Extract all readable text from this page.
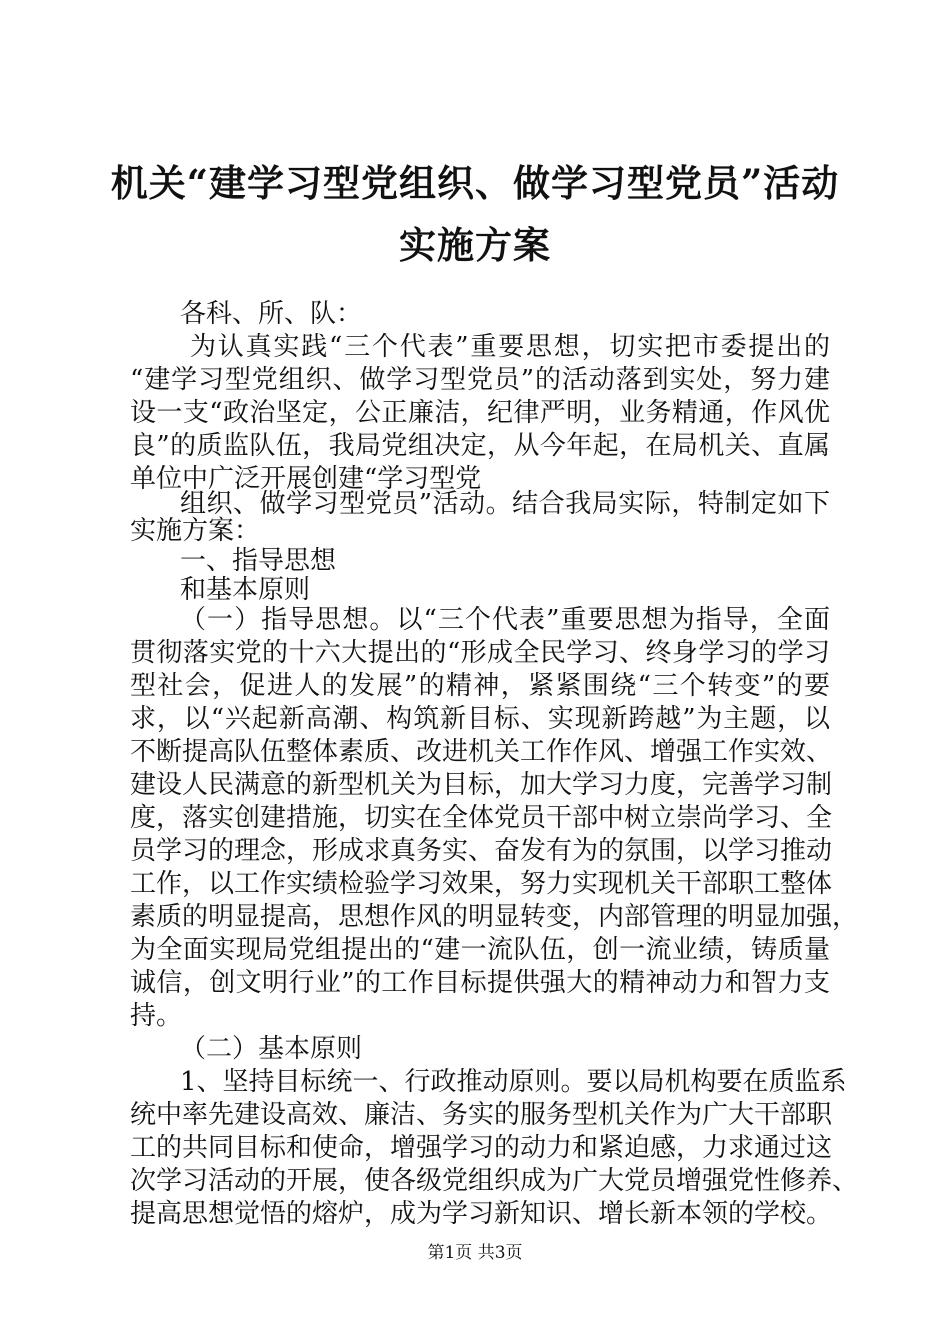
机关“建学习型党组织、做学习型党员”活动
实施方案
各科、所、队：
为认真实践“三个代表”重要思想，切实把市委提出的
“建学习型党组织、做学习型党员”的活动落到实处，努力建
设一支“政治坚定，公正廉洁，纪律严明，业务精通，作风优
良”的质监队伍，我局党组决定，从今年起，在局机关、直属
单位中广泛开展创建“学习型党
组织、做学习型党员”活动。结合我局实际，特制定如下
实施方案：
一、指导思想
和基本原则
（一）指导思想。以“三个代表”重要思想为指导，全面
贯彻落实党的十六大提出的“形成全民学习、终身学习的学习
型社会，促进人的发展”的精神，紧紧围绕“三个转变”的要
求，以“兴起新高潮、构筑新目标、实现新跨越”为主题，以
不断提高队伍整体素质、改进机关工作作风、增强工作实效、
建设人民满意的新型机关为目标，加大学习力度，完善学习制
度，落实创建措施，切实在全体党员干部中树立崇尚学习、全
员学习的理念，形成求真务实、奋发有为的氛围，以学习推动
工作，以工作实绩检验学习效果，努力实现机关干部职工整体
素质的明显提高，思想作风的明显转变，内部管理的明显加强，
为全面实现局党组提出的“建一流队伍，创一流业绩，铸质量
诚信，创文明行业”的工作目标提供强大的精神动力和智力支
持。
（二）基本原则
1、坚持目标统一、行政推动原则。要以局机构要在质监系
统中率先建设高效、廉洁、务实的服务型机关作为广大干部职
工的共同目标和使命，增强学习的动力和紧迫感，力求通过这
次学习活动的开展，使各级党组织成为广大党员增强党性修养、
提高思想觉悟的熔炉，成为学习新知识、增长新本领的学校。
第1页 共3页
